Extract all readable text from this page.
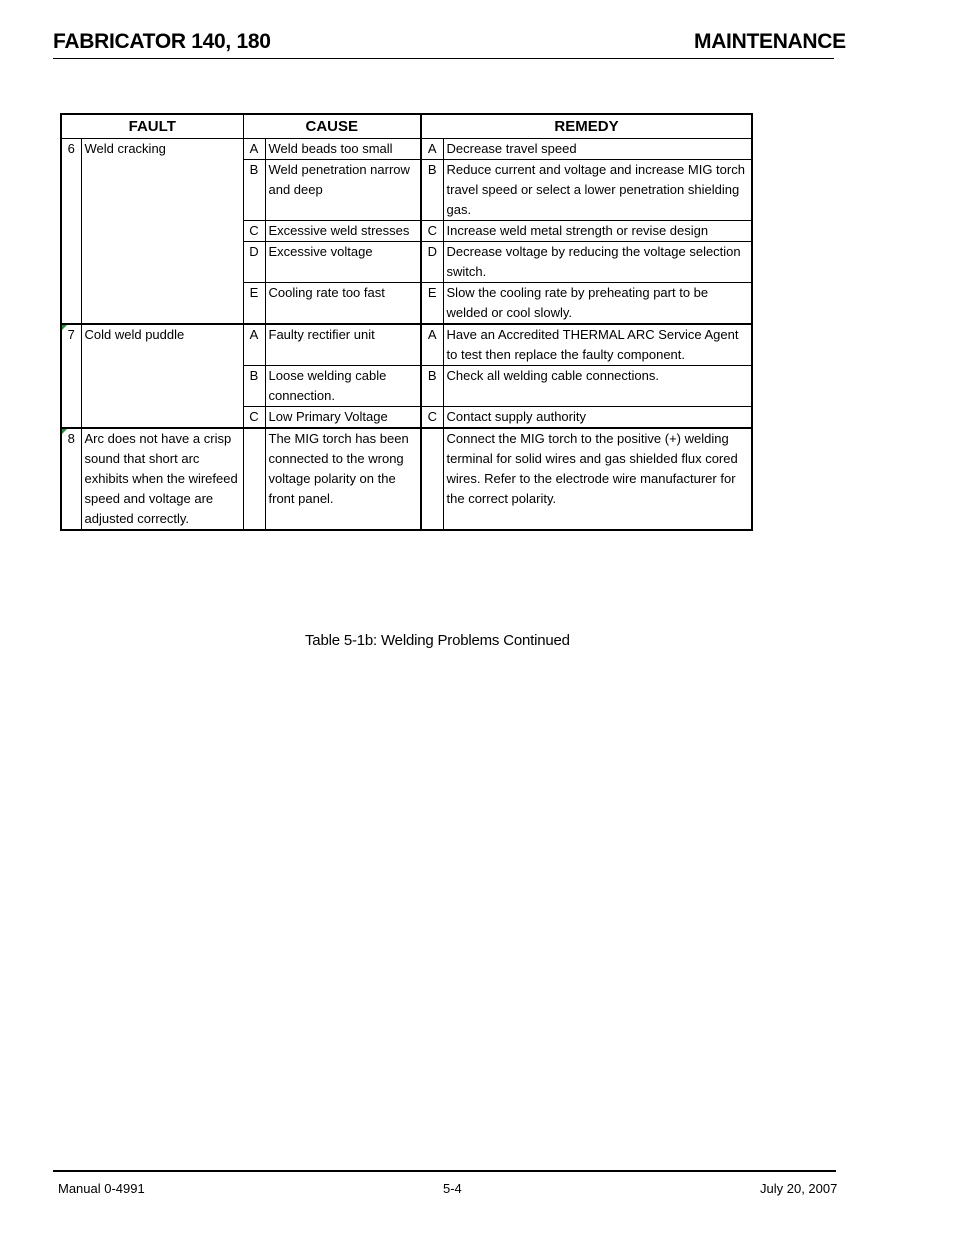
FABRICATOR 140, 180	MAINTENANCE
FAULT		CAUSE		REMEDY	
6	Weld cracking	A	Weld beads too small	A	Decrease travel speed
		B	Weld penetration narrow and deep	B	Reduce current and voltage and increase MIG torch travel speed or select a lower penetration shielding gas.
		C	Excessive weld stresses	C	Increase weld metal strength or revise design
		D	Excessive voltage	D	Decrease voltage by reducing the voltage selection switch.
		E	Cooling rate too fast	E	Slow the cooling rate by preheating part to be welded or cool slowly.
7	Cold weld puddle	A	Faulty rectifier unit	A	Have an Accredited THERMAL ARC Service Agent to test then replace the faulty component.
		B	Loose welding cable connection.	B	Check all welding cable connections.
		C	Low Primary Voltage	C	Contact supply authority
8	Arc does not have a crisp sound that short arc exhibits when the wirefeed speed and voltage are adjusted correctly.		The MIG torch has been connected to the wrong voltage polarity on the front panel.		Connect the MIG torch to the positive (+) welding terminal for solid wires and gas shielded flux cored wires. Refer to the electrode wire manufacturer for the correct polarity.
Table 5-1b: Welding Problems Continued
Manual 0-4991	5-4	July 20, 2007
